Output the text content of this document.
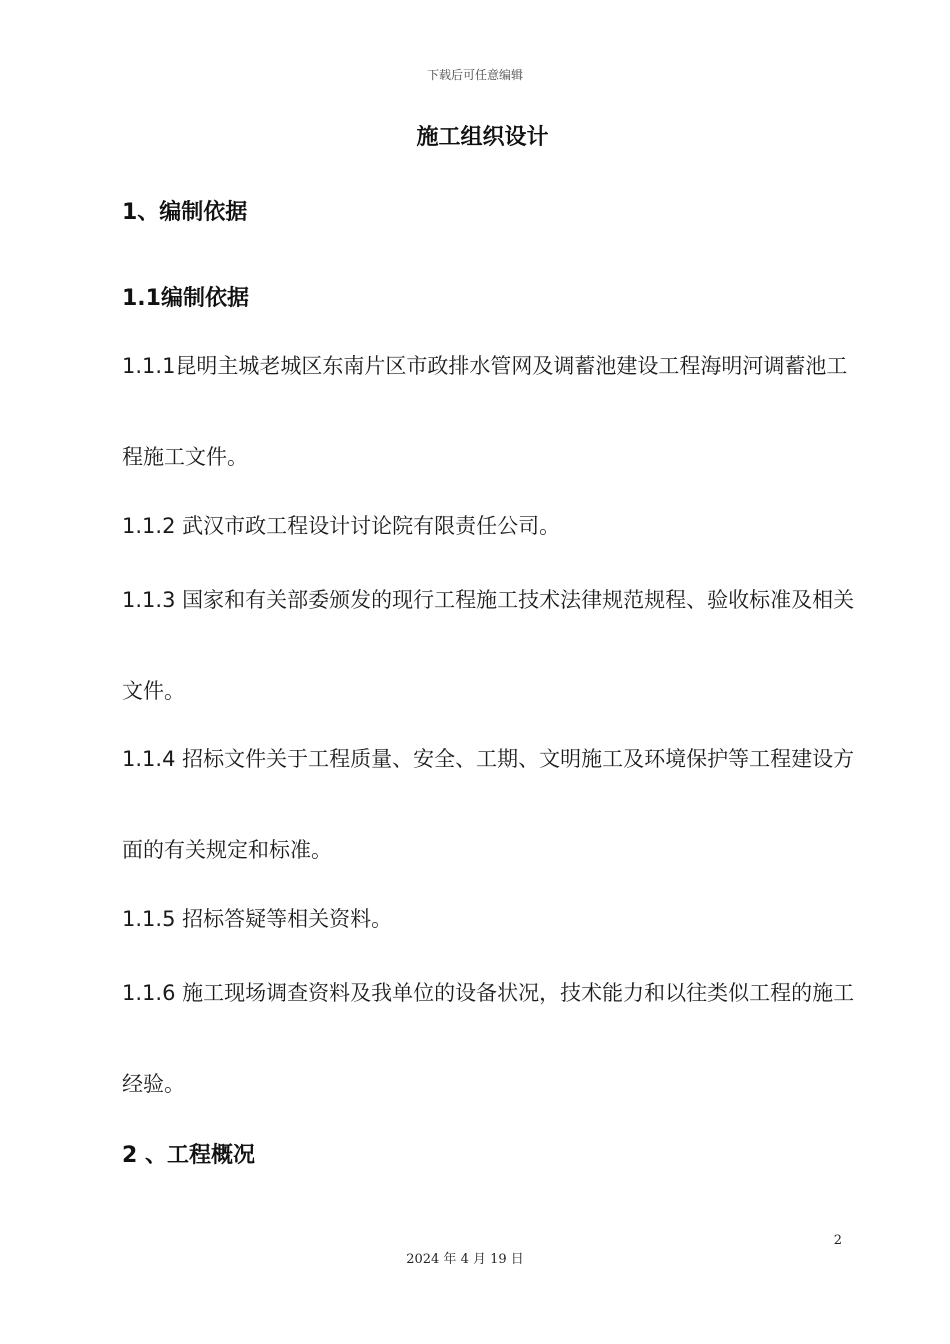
下载后可任意编辑
施工组织设计
1、编制依据
1.1编制依据
1.1.1昆明主城老城区东南片区市政排水管网及调蓄池建设工程海明河调蓄池工程施工文件。
1.1.2 武汉市政工程设计讨论院有限责任公司。
1.1.3 国家和有关部委颁发的现行工程施工技术法律规范规程、验收标准及相关文件。
1.1.4 招标文件关于工程质量、安全、工期、文明施工及环境保护等工程建设方面的有关规定和标准。
1.1.5 招标答疑等相关资料。
1.1.6 施工现场调查资料及我单位的设备状况，技术能力和以往类似工程的施工经验。
2 、工程概况
2
2024 年 4 月 19 日
